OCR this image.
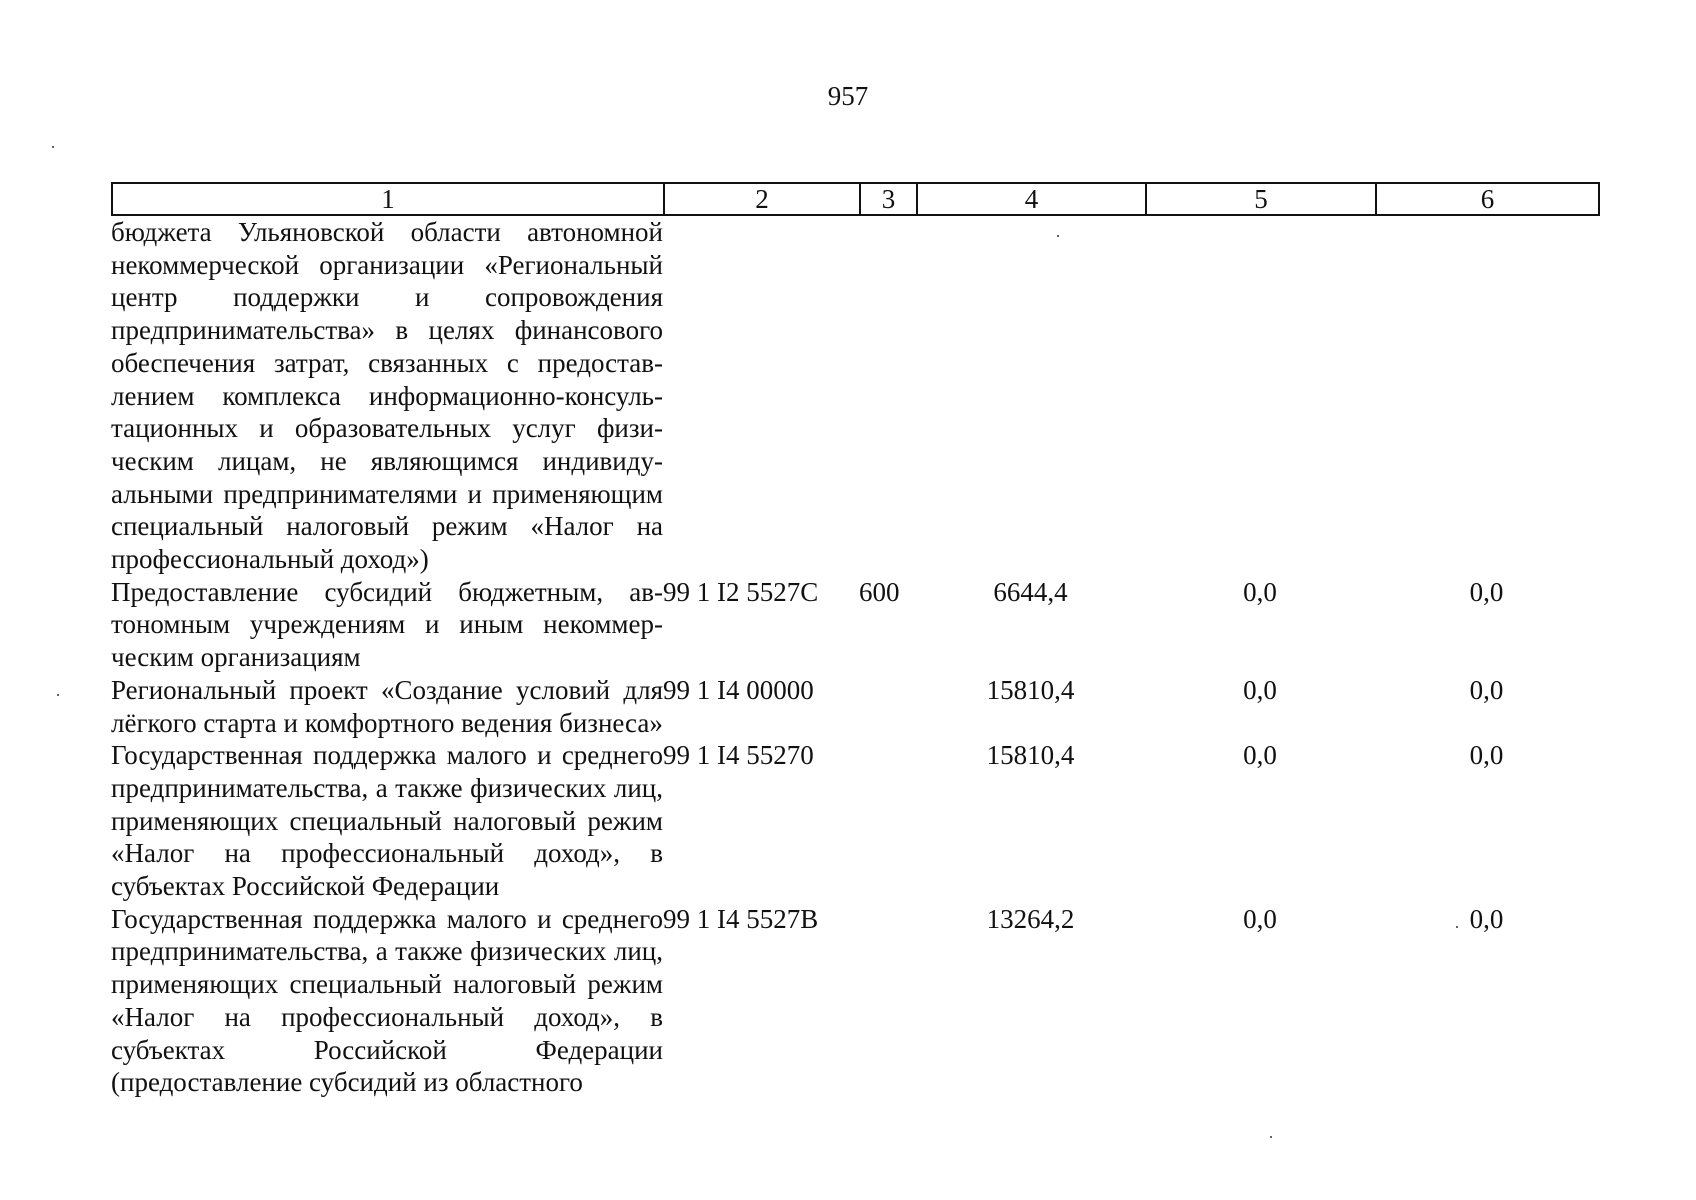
957
1	2	3	4	5	6
бюджета Ульяновской области автономной некоммерческой организации «Региональный центр поддержки и сопровождения предпринимательства» в целях финансового обеспечения затрат, связанных с предоставлением комплекса информационно-консультационных и образовательных услуг физическим лицам, не являющимся индивидуальными предпринимателями и применяющим специальный налоговый режим «Налог на профессиональный доход»)					
Предоставление субсидий бюджетным, автономным учреждениям и иным некоммерческим организациям	99 1 I2 5527С	600	6644,4	0,0	0,0
Региональный проект «Создание условий для лёгкого старта и комфортного ведения бизнеса»	99 1 I4 00000		15810,4	0,0	0,0
Государственная поддержка малого и среднего предпринимательства, а также физических лиц, применяющих специальный налоговый режим «Налог на профессиональный доход», в субъектах Российской Федерации	99 1 I4 55270		15810,4	0,0	0,0
Государственная поддержка малого и среднего предпринимательства, а также физических лиц, применяющих специальный налоговый режим «Налог на профессиональный доход», в субъектах Российской Федерации (предоставление субсидий из областного	99 1 I4 5527В		13264,2	0,0	0,0
